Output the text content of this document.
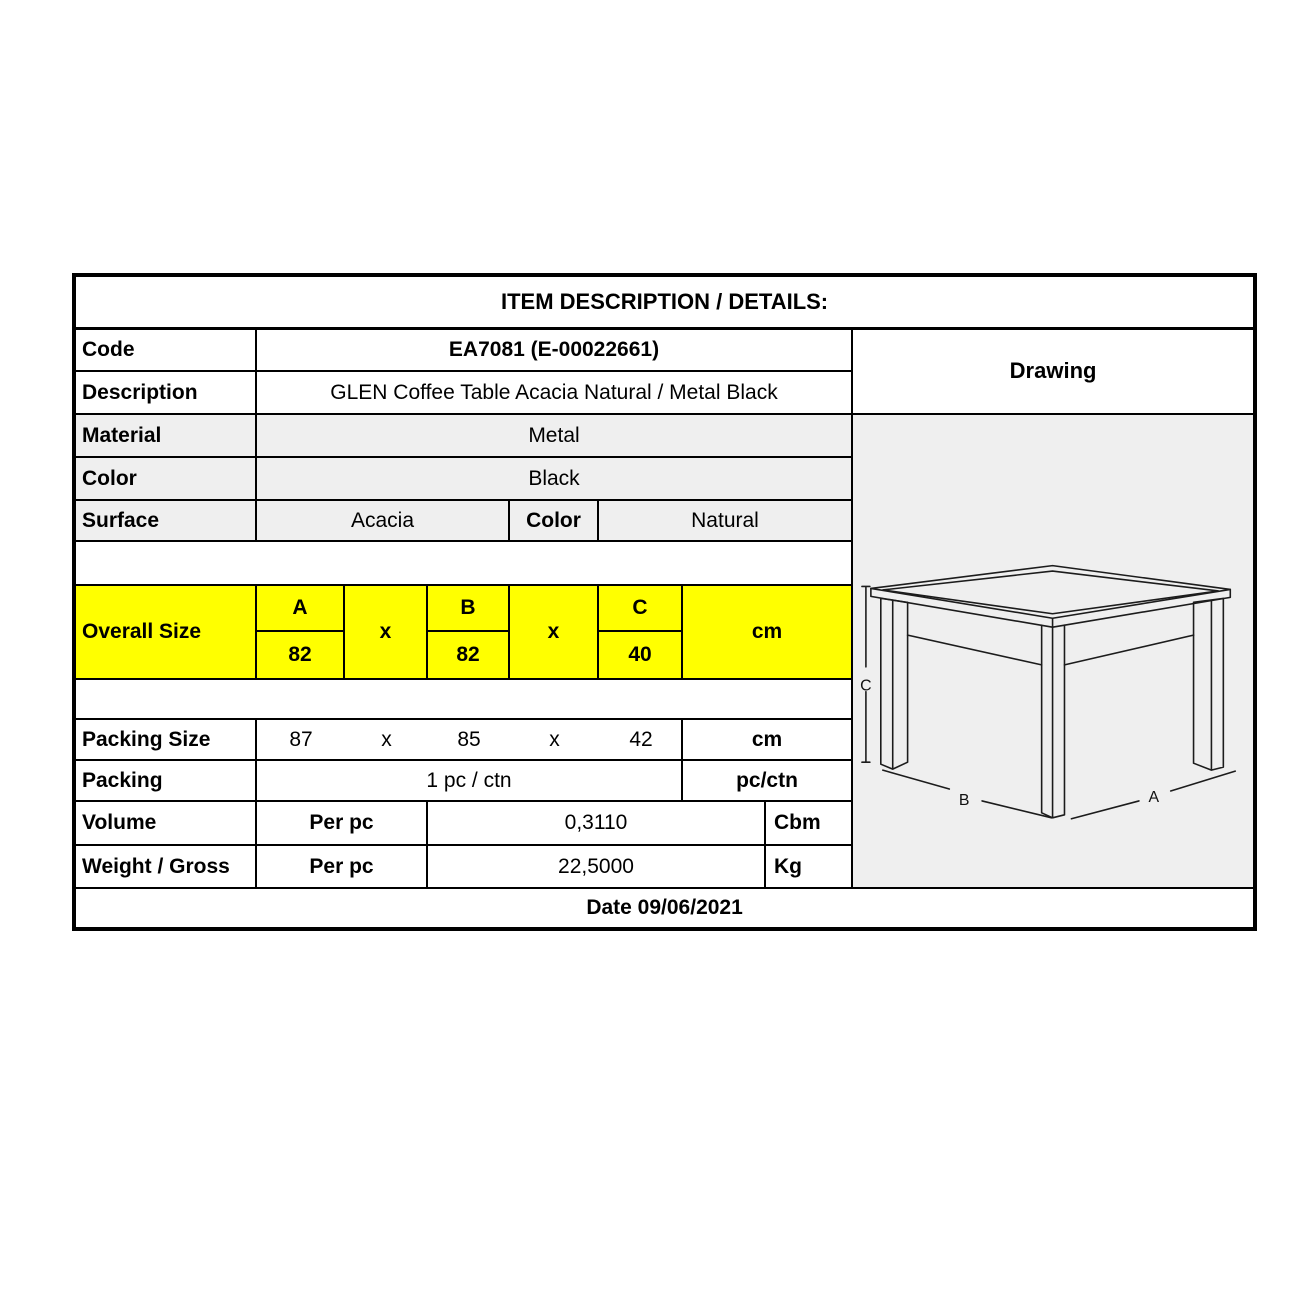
ITEM DESCRIPTION / DETAILS:								
Code	EA7081 (E-00022661)							Drawing
Description	GLEN Coffee Table Acacia Natural / Metal Black							
Material	Metal							C
B A

Color	Black							
Surface	Acacia			Color	Natural			

Overall Size	A	x	B	x	C	cm		
	82		82		40			

Packing Size	87 x 85 x 42					cm		
Packing	1 pc / ctn					pc/ctn		
Volume	Per pc		0,3110				Cbm	
Weight / Gross	Per pc		22,5000				Kg	
Date 09/06/2021								
